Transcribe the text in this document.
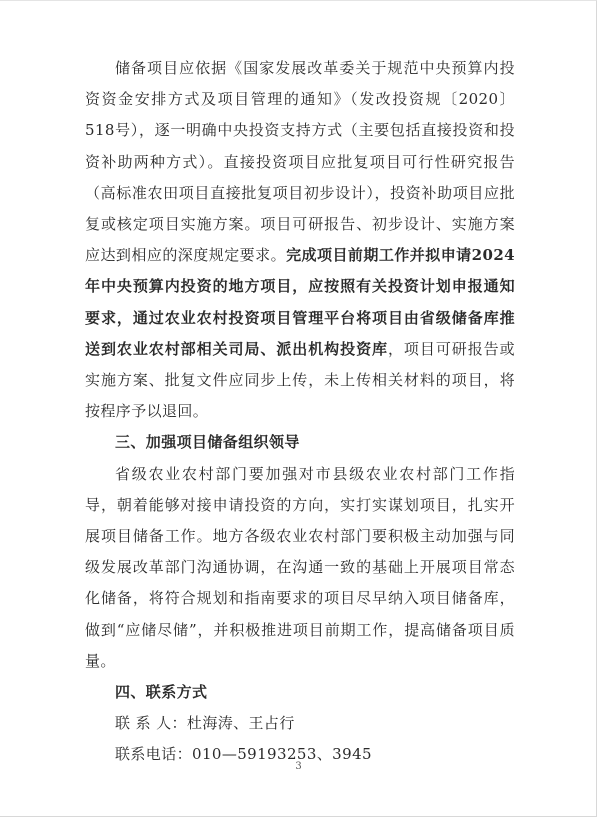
储备项目应依据《国家发展改革委关于规范中央预算内投资资金安排方式及项目管理的通知》（发改投资规〔2020〕518号），逐一明确中央投资支持方式（主要包括直接投资和投资补助两种方式）。直接投资项目应批复项目可行性研究报告（高标准农田项目直接批复项目初步设计），投资补助项目应批复或核定项目实施方案。项目可研报告、初步设计、实施方案应达到相应的深度规定要求。完成项目前期工作并拟申请2024年中央预算内投资的地方项目，应按照有关投资计划申报通知要求，通过农业农村投资项目管理平台将项目由省级储备库推送到农业农村部相关司局、派出机构投资库，项目可研报告或实施方案、批复文件应同步上传，未上传相关材料的项目，将按程序予以退回。

三、加强项目储备组织领导

省级农业农村部门要加强对市县级农业农村部门工作指导，朝着能够对接申请投资的方向，实打实谋划项目，扎实开展项目储备工作。地方各级农业农村部门要积极主动加强与同级发展改革部门沟通协调，在沟通一致的基础上开展项目常态化储备，将符合规划和指南要求的项目尽早纳入项目储备库，做到“应储尽储”，并积极推进项目前期工作，提高储备项目质量。

四、联系方式

联 系 人：杜海涛、王占行

联系电话：010—59193253、3945

3
